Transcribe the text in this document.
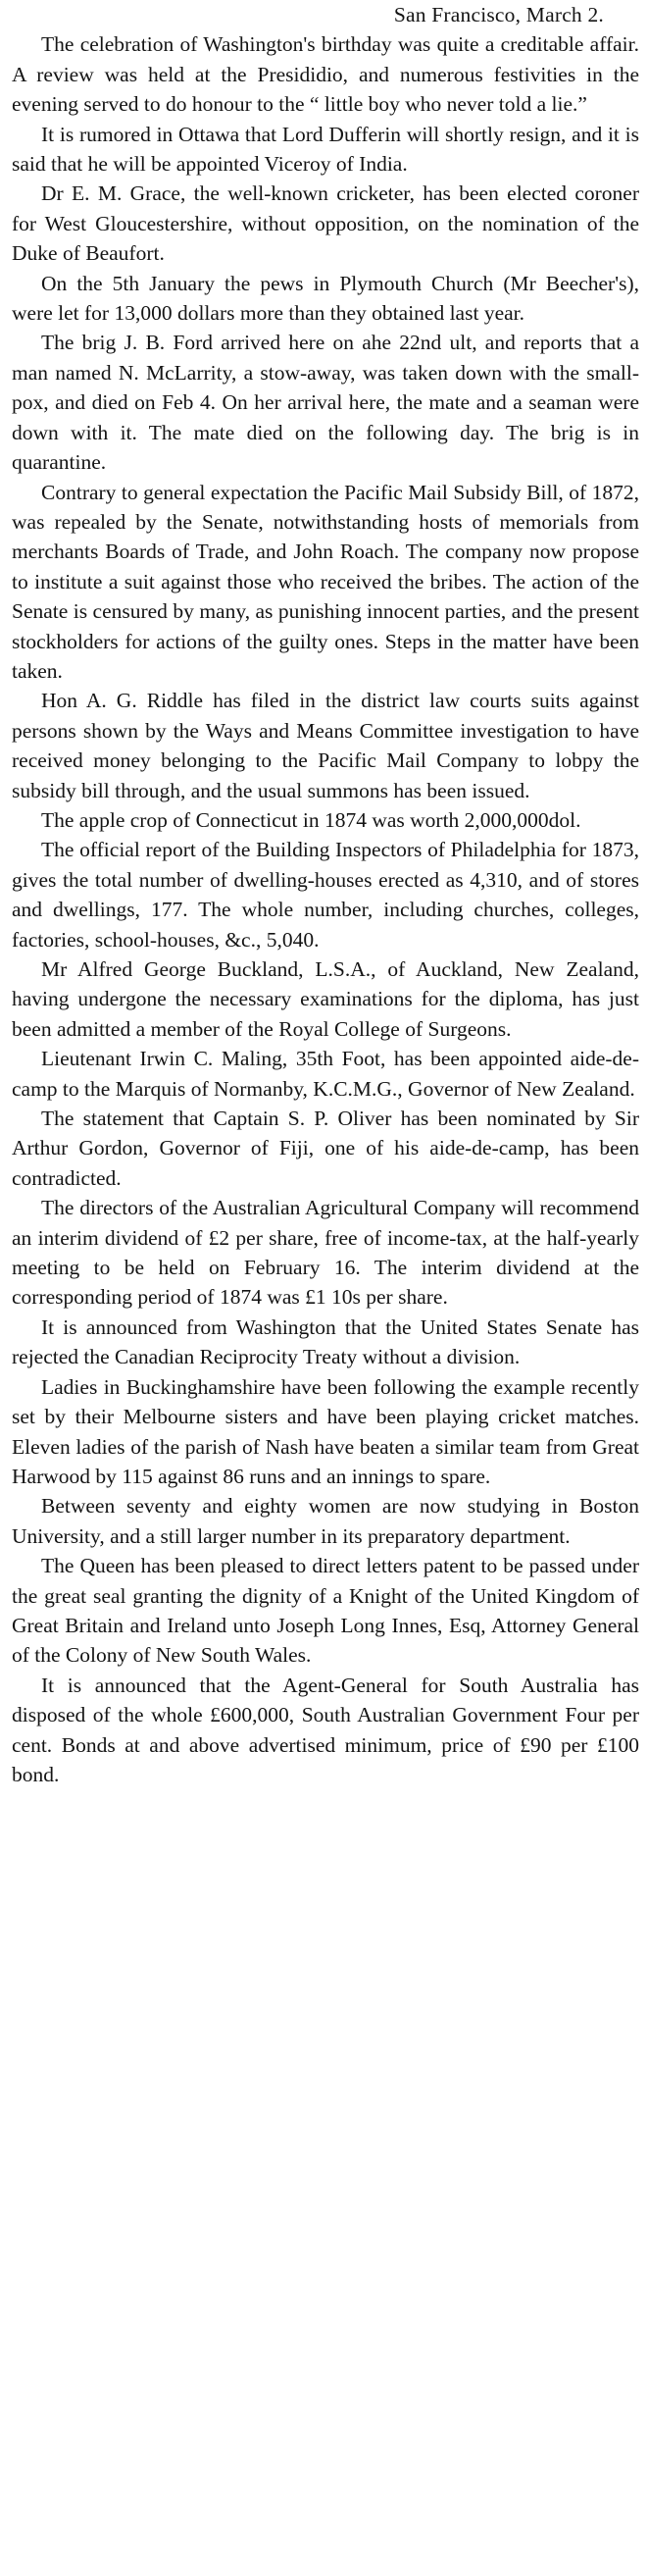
San Francisco, March 2.

The celebration of Washington's birthday was quite a creditable affair. A review was held at the Presididio, and numerous festivities in the evening served to do honour to the “ little boy who never told a lie.”

It is rumored in Ottawa that Lord Dufferin will shortly resign, and it is said that he will be appointed Viceroy of India.

Dr E. M. Grace, the well-known cricketer, has been elected coroner for West Gloucestershire, without opposition, on the nomination of the Duke of Beaufort.

On the 5th January the pews in Plymouth Church (Mr Beecher's), were let for 13,000 dollars more than they obtained last year.

The brig J. B. Ford arrived here on ahe 22nd ult, and reports that a man named N. McLarrity, a stow-away, was taken down with the small-pox, and died on Feb 4. On her arrival here, the mate and a seaman were down with it. The mate died on the following day. The brig is in quarantine.

Contrary to general expectation the Pacific Mail Subsidy Bill, of 1872, was repealed by the Senate, notwithstanding hosts of memorials from merchants Boards of Trade, and John Roach. The company now propose to institute a suit against those who received the bribes. The action of the Senate is censured by many, as punishing innocent parties, and the present stockholders for actions of the guilty ones. Steps in the matter have been taken.

Hon A. G. Riddle has filed in the district law courts suits against persons shown by the Ways and Means Committee investigation to have received money belonging to the Pacific Mail Company to lobpy the subsidy bill through, and the usual summons has been issued.

The apple crop of Connecticut in 1874 was worth 2,000,000dol.

The official report of the Building Inspectors of Philadelphia for 1873, gives the total number of dwelling-houses erected as 4,310, and of stores and dwellings, 177. The whole number, including churches, colleges, factories, school-houses, &c., 5,040.

Mr Alfred George Buckland, L.S.A., of Auckland, New Zealand, having undergone the necessary examinations for the diploma, has just been admitted a member of the Royal College of Surgeons.

Lieutenant Irwin C. Maling, 35th Foot, has been appointed aide-de-camp to the Marquis of Normanby, K.C.M.G., Governor of New Zealand.

The statement that Captain S. P. Oliver has been nominated by Sir Arthur Gordon, Governor of Fiji, one of his aide-de-camp, has been contradicted.

The directors of the Australian Agricultural Company will recommend an interim dividend of £2 per share, free of income-tax, at the half-yearly meeting to be held on February 16. The interim dividend at the corresponding period of 1874 was £1 10s per share.

It is announced from Washington that the United States Senate has rejected the Canadian Reciprocity Treaty without a division.

Ladies in Buckinghamshire have been following the example recently set by their Melbourne sisters and have been playing cricket matches. Eleven ladies of the parish of Nash have beaten a similar team from Great Harwood by 115 against 86 runs and an innings to spare.

Between seventy and eighty women are now studying in Boston University, and a still larger number in its preparatory department.

The Queen has been pleased to direct letters patent to be passed under the great seal granting the dignity of a Knight of the United Kingdom of Great Britain and Ireland unto Joseph Long Innes, Esq, Attorney General of the Colony of New South Wales.

It is announced that the Agent-General for South Australia has disposed of the whole £600,000, South Australian Government Four per cent. Bonds at and above advertised minimum, price of £90 per £100 bond.
